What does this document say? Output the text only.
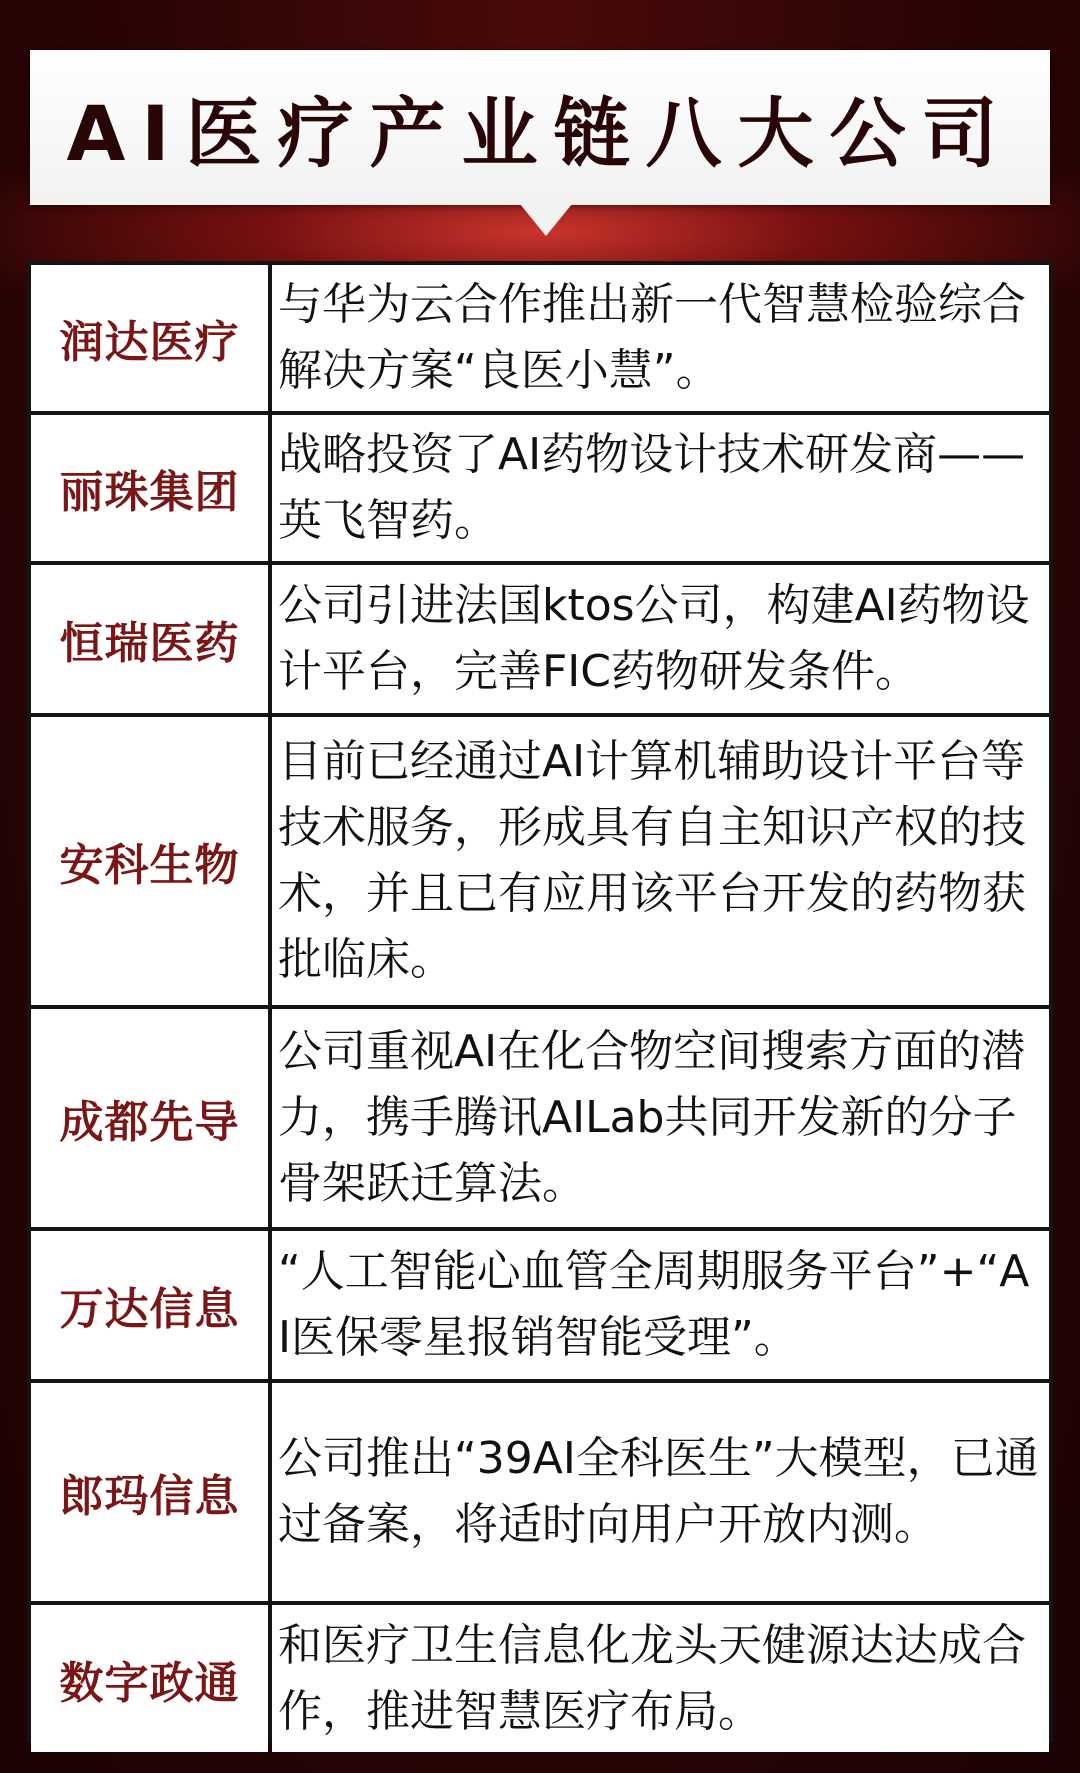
AI医疗产业链八大公司
润达医疗
与华为云合作推出新一代智慧检验综合解决方案“良医小慧”。
丽珠集团
战略投资了AI药物设计技术研发商——英飞智药。
恒瑞医药
公司引进法国ktos公司，构建AI药物设计平台，完善FIC药物研发条件。
安科生物
目前已经通过AI计算机辅助设计平台等技术服务，形成具有自主知识产权的技术，并且已有应用该平台开发的药物获批临床。
成都先导
公司重视AI在化合物空间搜索方面的潜力，携手腾讯AILab共同开发新的分子骨架跃迁算法。
万达信息
“人工智能心血管全周期服务平台”+“AI医保零星报销智能受理”。
郎玛信息
公司推出“39AI全科医生”大模型，已通过备案，将适时向用户开放内测。
数字政通
和医疗卫生信息化龙头天健源达达成合作，推进智慧医疗布局。
